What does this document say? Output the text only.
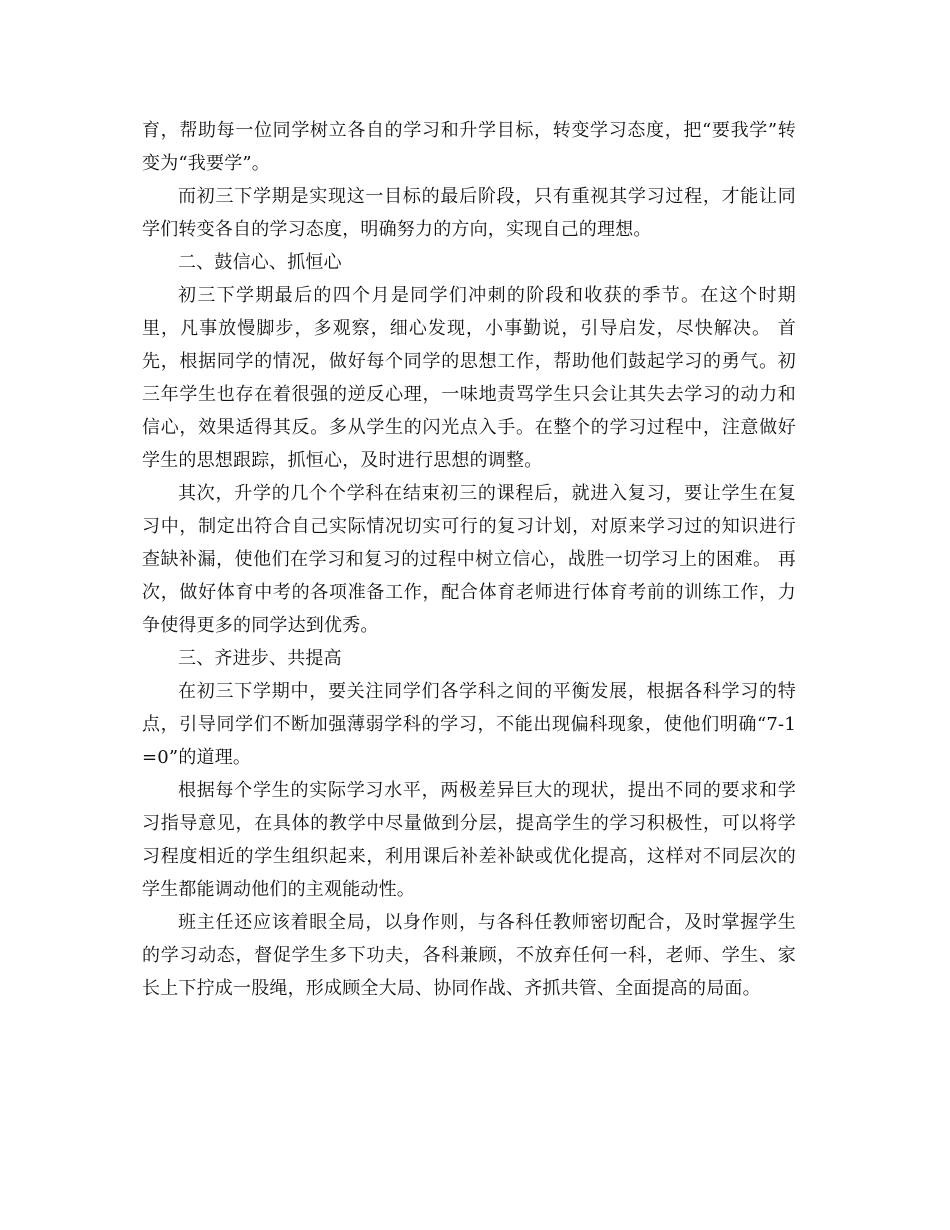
育，帮助每一位同学树立各自的学习和升学目标，转变学习态度，把“要我学”转变为“我要学”。

而初三下学期是实现这一目标的最后阶段，只有重视其学习过程，才能让同学们转变各自的学习态度，明确努力的方向，实现自己的理想。

二、鼓信心、抓恒心

初三下学期最后的四个月是同学们冲刺的阶段和收获的季节。在这个时期里，凡事放慢脚步，多观察，细心发现，小事勤说，引导启发，尽快解决。 首先，根据同学的情况，做好每个同学的思想工作，帮助他们鼓起学习的勇气。初三年学生也存在着很强的逆反心理，一味地责骂学生只会让其失去学习的动力和信心，效果适得其反。多从学生的闪光点入手。在整个的学习过程中，注意做好学生的思想跟踪，抓恒心，及时进行思想的调整。

其次，升学的几个个学科在结束初三的课程后，就进入复习，要让学生在复习中，制定出符合自己实际情况切实可行的复习计划，对原来学习过的知识进行查缺补漏，使他们在学习和复习的过程中树立信心，战胜一切学习上的困难。 再次，做好体育中考的各项准备工作，配合体育老师进行体育考前的训练工作，力争使得更多的同学达到优秀。

三、齐进步、共提高

在初三下学期中，要关注同学们各学科之间的平衡发展，根据各科学习的特点，引导同学们不断加强薄弱学科的学习，不能出现偏科现象，使他们明确“7-1=0”的道理。

根据每个学生的实际学习水平，两极差异巨大的现状，提出不同的要求和学习指导意见，在具体的教学中尽量做到分层，提高学生的学习积极性，可以将学习程度相近的学生组织起来，利用课后补差补缺或优化提高，这样对不同层次的学生都能调动他们的主观能动性。

班主任还应该着眼全局，以身作则，与各科任教师密切配合，及时掌握学生的学习动态，督促学生多下功夫，各科兼顾，不放弃任何一科，老师、学生、家长上下拧成一股绳，形成顾全大局、协同作战、齐抓共管、全面提高的局面。
